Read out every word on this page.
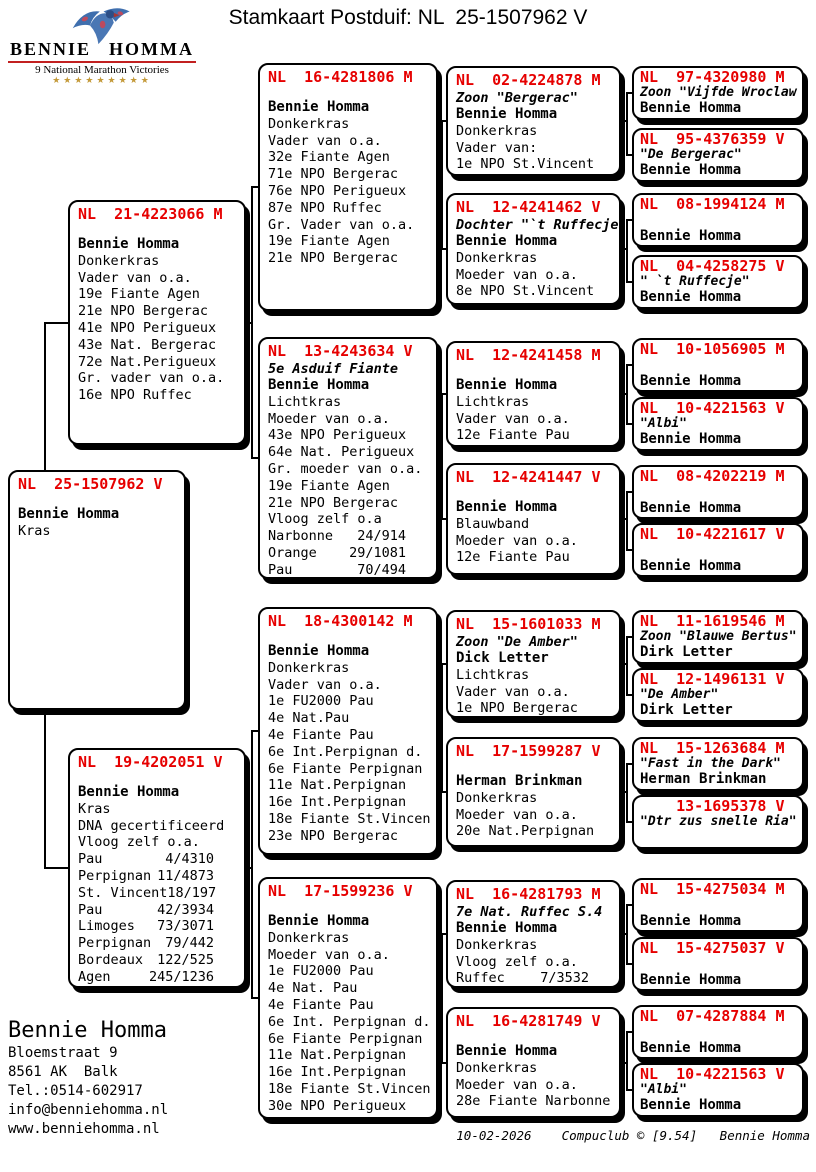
BENNIE HOMMA
9 National Marathon Victories
★★★★★★★★★
Stamkaart Postduif: NL  25-1507962 V
NL  25-1507962 V
Bennie Homma
Kras
NL  21-4223066 M
Bennie Homma
Donkerkras
Vader van o.a.
19e Fiante Agen
21e NPO Bergerac
41e NPO Perigueux
43e Nat. Bergerac
72e Nat.Perigueux
Gr. vader van o.a.
16e NPO Ruffec
NL  19-4202051 V
Bennie Homma
Kras
DNA gecertificeerd
Vloog zelf o.a.
Pau	4/4310
Perpignan 11/4873
St. Vincent 18/197
Pau	42/3934
Limoges 73/3071
Perpignan 79/442
Bordeaux 122/525
Agen	245/1236
NL  16-4281806 M
Bennie Homma
Donkerkras
Vader van o.a.
32e Fiante Agen
71e NPO Bergerac
76e NPO Perigueux
87e NPO Ruffec
Gr. Vader van o.a.
19e Fiante Agen
21e NPO Bergerac
NL  13-4243634 V
5e Asduif Fiante
Bennie Homma
Lichtkras
Moeder van o.a.
43e NPO Perigueux
64e Nat. Perigueux
Gr. moeder van o.a.
19e Fiante Agen
21e NPO Bergerac
Vloog zelf o.a
Narbonne 24/914
Orange 29/1081
Pau	70/494
NL  18-4300142 M
Bennie Homma
Donkerkras
Vader van o.a.
1e FU2000 Pau
4e Nat.Pau
4e Fiante Pau
6e Int.Perpignan d.
6e Fiante Perpignan
11e Nat.Perpignan
16e Int.Perpignan
18e Fiante St.Vincen
23e NPO Bergerac
NL  17-1599236 V
Bennie Homma
Donkerkras
Moeder van o.a.
1e FU2000 Pau
4e Nat. Pau
4e Fiante Pau
6e Int. Perpignan d.
6e Fiante Perpignan
11e Nat.Perpignan
16e Int.Perpignan
18e Fiante St.Vincen
30e NPO Perigueux
NL  02-4224878 M
Zoon "Bergerac"
Bennie Homma
Donkerkras
Vader van:
1e NPO St.Vincent
NL  12-4241462 V
Dochter "`t Ruffecje
Bennie Homma
Donkerkras
Moeder van o.a.
8e NPO St.Vincent
NL  12-4241458 M
Bennie Homma
Lichtkras
Vader van o.a.
12e Fiante Pau
NL  12-4241447 V
Bennie Homma
Blauwband
Moeder van o.a.
12e Fiante Pau
NL  15-1601033 M
Zoon "De Amber"
Dick Letter
Lichtkras
Vader van o.a.
1e NPO Bergerac
NL  17-1599287 V
Herman Brinkman
Donkerkras
Moeder van o.a.
20e Nat.Perpignan
NL  16-4281793 M
7e Nat. Ruffec S.4
Bennie Homma
Donkerkras
Vloog zelf o.a.
Ruffec	7/3532
NL  16-4281749 V
Bennie Homma
Donkerkras
Moeder van o.a.
28e Fiante Narbonne
NL  97-4320980 M
Zoon "Vijfde Wroclaw
Bennie Homma
NL  95-4376359 V
"De Bergerac"
Bennie Homma
NL  08-1994124 M
Bennie Homma
NL  04-4258275 V
" `t Ruffecje"
Bennie Homma
NL  10-1056905 M
Bennie Homma
NL  10-4221563 V
"Albi"
Bennie Homma
NL  08-4202219 M
Bennie Homma
NL  10-4221617 V
Bennie Homma
NL  11-1619546 M
Zoon "Blauwe Bertus"
Dirk Letter
NL  12-1496131 V
"De Amber"
Dirk Letter
NL  15-1263684 M
"Fast in the Dark"
Herman Brinkman
13-1695378 V
"Dtr zus snelle Ria"
NL  15-4275034 M
Bennie Homma
NL  15-4275037 V
Bennie Homma
NL  07-4287884 M
Bennie Homma
NL  10-4221563 V
"Albi"
Bennie Homma
Bennie Homma
Bloemstraat 9
8561 AK  Balk
Tel.:0514-602917
info@benniehomma.nl
www.benniehomma.nl	10-02-2026    Compuclub © [9.54]   Bennie Homma
